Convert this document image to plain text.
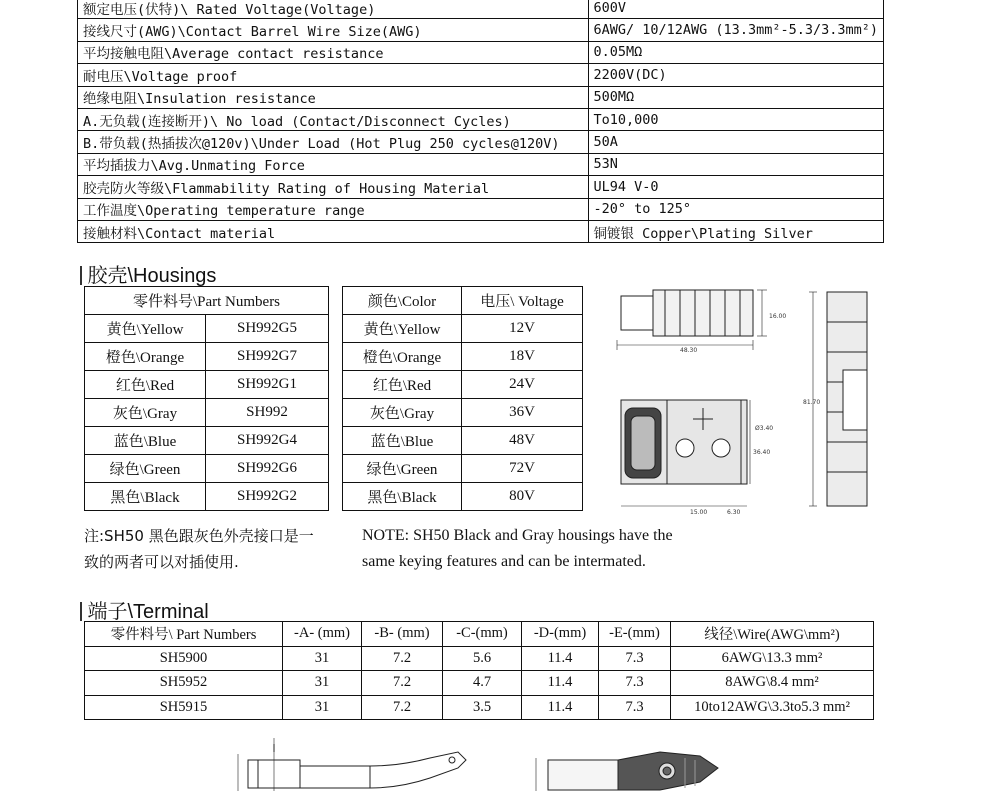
额定电压(伏特)\ Rated Voltage(Voltage)	600V
接线尺寸(AWG)\Contact Barrel Wire Size(AWG)	6AWG/ 10/12AWG (13.3mm²-5.3/3.3mm²)
平均接触电阻\Average contact resistance	0.05MΩ
耐电压\Voltage proof	2200V(DC)
绝缘电阻\Insulation resistance	500MΩ
A.无负载(连接断开)\ No load (Contact/Disconnect Cycles)	To10,000
B.带负载(热插拔次@120v)\Under Load (Hot Plug 250 cycles@120V)	50A
平均插拔力\Avg.Unmating Force	53N
胶壳防火等级\Flammability Rating of Housing Material	UL94 V-0
工作温度\Operating temperature range	-20° to 125°
接触材料\Contact material	铜镀银 Copper\Plating Silver
胶壳\Housings
零件料号\Part Numbers	
黄色\Yellow	SH992G5
橙色\Orange	SH992G7
红色\Red	SH992G1
灰色\Gray	SH992
蓝色\Blue	SH992G4
绿色\Green	SH992G6
黑色\Black	SH992G2
颜色\Color	电压\ Voltage
黄色\Yellow	12V
橙色\Orange	18V
红色\Red	24V
灰色\Gray	36V
蓝色\Blue	48V
绿色\Green	72V
黑色\Black	80V
48.30
16.00
Ø3.40
36.40
15.00	6.30
81.70
注:SH50 黑色跟灰色外壳接口是一
致的两者可以对插使用.
NOTE: SH50 Black and Gray housings have the
same keying features and can be intermated.
端子\Terminal
零件料号\ Part Numbers	-A- (mm)	-B- (mm)	-C-(mm)	-D-(mm)	-E-(mm)	线径\Wire(AWG\mm²)
SH5900	31	7.2	5.6	11.4	7.3	6AWG\13.3 mm²
SH5952	31	7.2	4.7	11.4	7.3	8AWG\8.4 mm²
SH5915	31	7.2	3.5	11.4	7.3	10to12AWG\3.3to5.3 mm²
